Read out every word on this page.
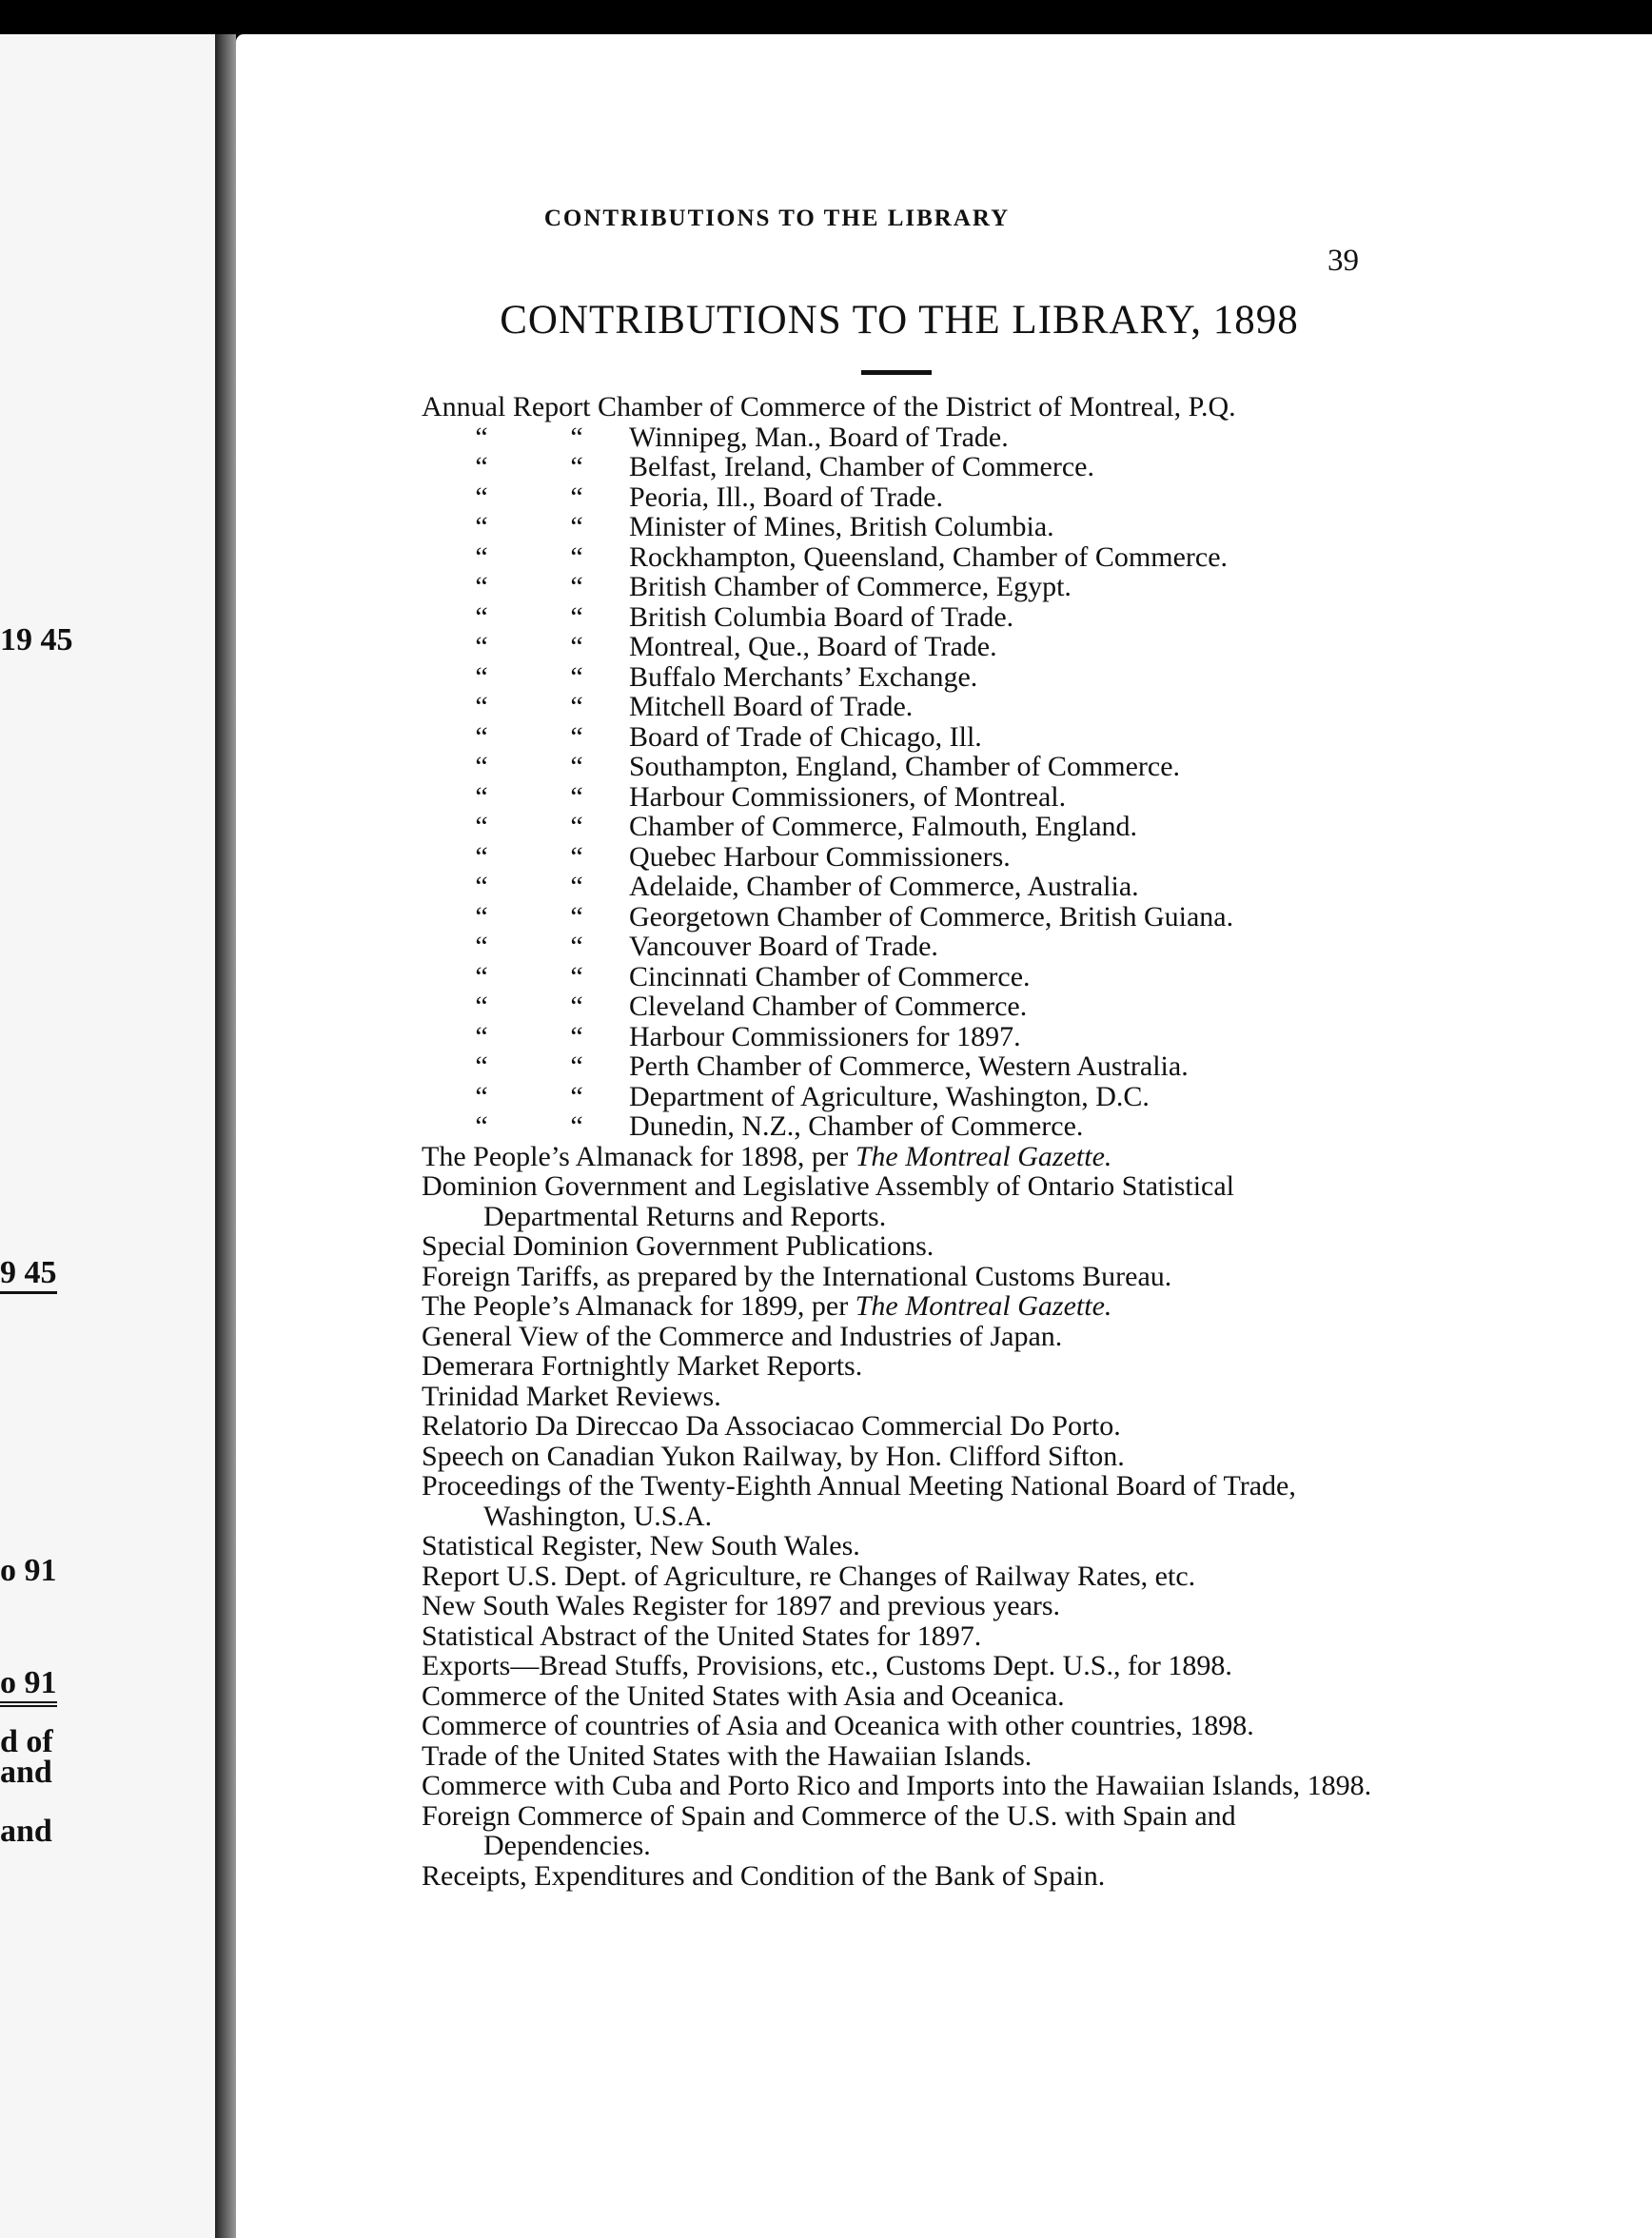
19 45
9 45
o 91
o 91
d of
and
and
CONTRIBUTIONS TO THE LIBRARY
39
CONTRIBUTIONS TO THE LIBRARY, 1898
Annual Report Chamber of Commerce of the District of Montreal, P.Q.
“	“	Winnipeg, Man., Board of Trade.
“	“	Belfast, Ireland, Chamber of Commerce.
“	“	Peoria, Ill., Board of Trade.
“	“	Minister of Mines, British Columbia.
“	“	Rockhampton, Queensland, Chamber of Commerce.
“	“	British Chamber of Commerce, Egypt.
“	“	British Columbia Board of Trade.
“	“	Montreal, Que., Board of Trade.
“	“	Buffalo Merchants’ Exchange.
“	“	Mitchell Board of Trade.
“	“	Board of Trade of Chicago, Ill.
“	“	Southampton, England, Chamber of Commerce.
“	“	Harbour Commissioners, of Montreal.
“	“	Chamber of Commerce, Falmouth, England.
“	“	Quebec Harbour Commissioners.
“	“	Adelaide, Chamber of Commerce, Australia.
“	“	Georgetown Chamber of Commerce, British Guiana.
“	“	Vancouver Board of Trade.
“	“	Cincinnati Chamber of Commerce.
“	“	Cleveland Chamber of Commerce.
“	“	Harbour Commissioners for 1897.
“	“	Perth Chamber of Commerce, Western Australia.
“	“	Department of Agriculture, Washington, D.C.
“	“	Dunedin, N.Z., Chamber of Commerce.
The People’s Almanack for 1898, per The Montreal Gazette.
Dominion Government and Legislative Assembly of Ontario Statistical Departmental Returns and Reports.
Special Dominion Government Publications.
Foreign Tariffs, as prepared by the International Customs Bureau.
The People’s Almanack for 1899, per The Montreal Gazette.
General View of the Commerce and Industries of Japan.
Demerara Fortnightly Market Reports.
Trinidad Market Reviews.
Relatorio Da Direccao Da Associacao Commercial Do Porto.
Speech on Canadian Yukon Railway, by Hon. Clifford Sifton.
Proceedings of the Twenty-Eighth Annual Meeting National Board of Trade, Washington, U.S.A.
Statistical Register, New South Wales.
Report U.S. Dept. of Agriculture, re Changes of Railway Rates, etc.
New South Wales Register for 1897 and previous years.
Statistical Abstract of the United States for 1897.
Exports—Bread Stuffs, Provisions, etc., Customs Dept. U.S., for 1898.
Commerce of the United States with Asia and Oceanica.
Commerce of countries of Asia and Oceanica with other countries, 1898.
Trade of the United States with the Hawaiian Islands.
Commerce with Cuba and Porto Rico and Imports into the Hawaiian Islands, 1898.
Foreign Commerce of Spain and Commerce of the U.S. with Spain and Dependencies.
Receipts, Expenditures and Condition of the Bank of Spain.
